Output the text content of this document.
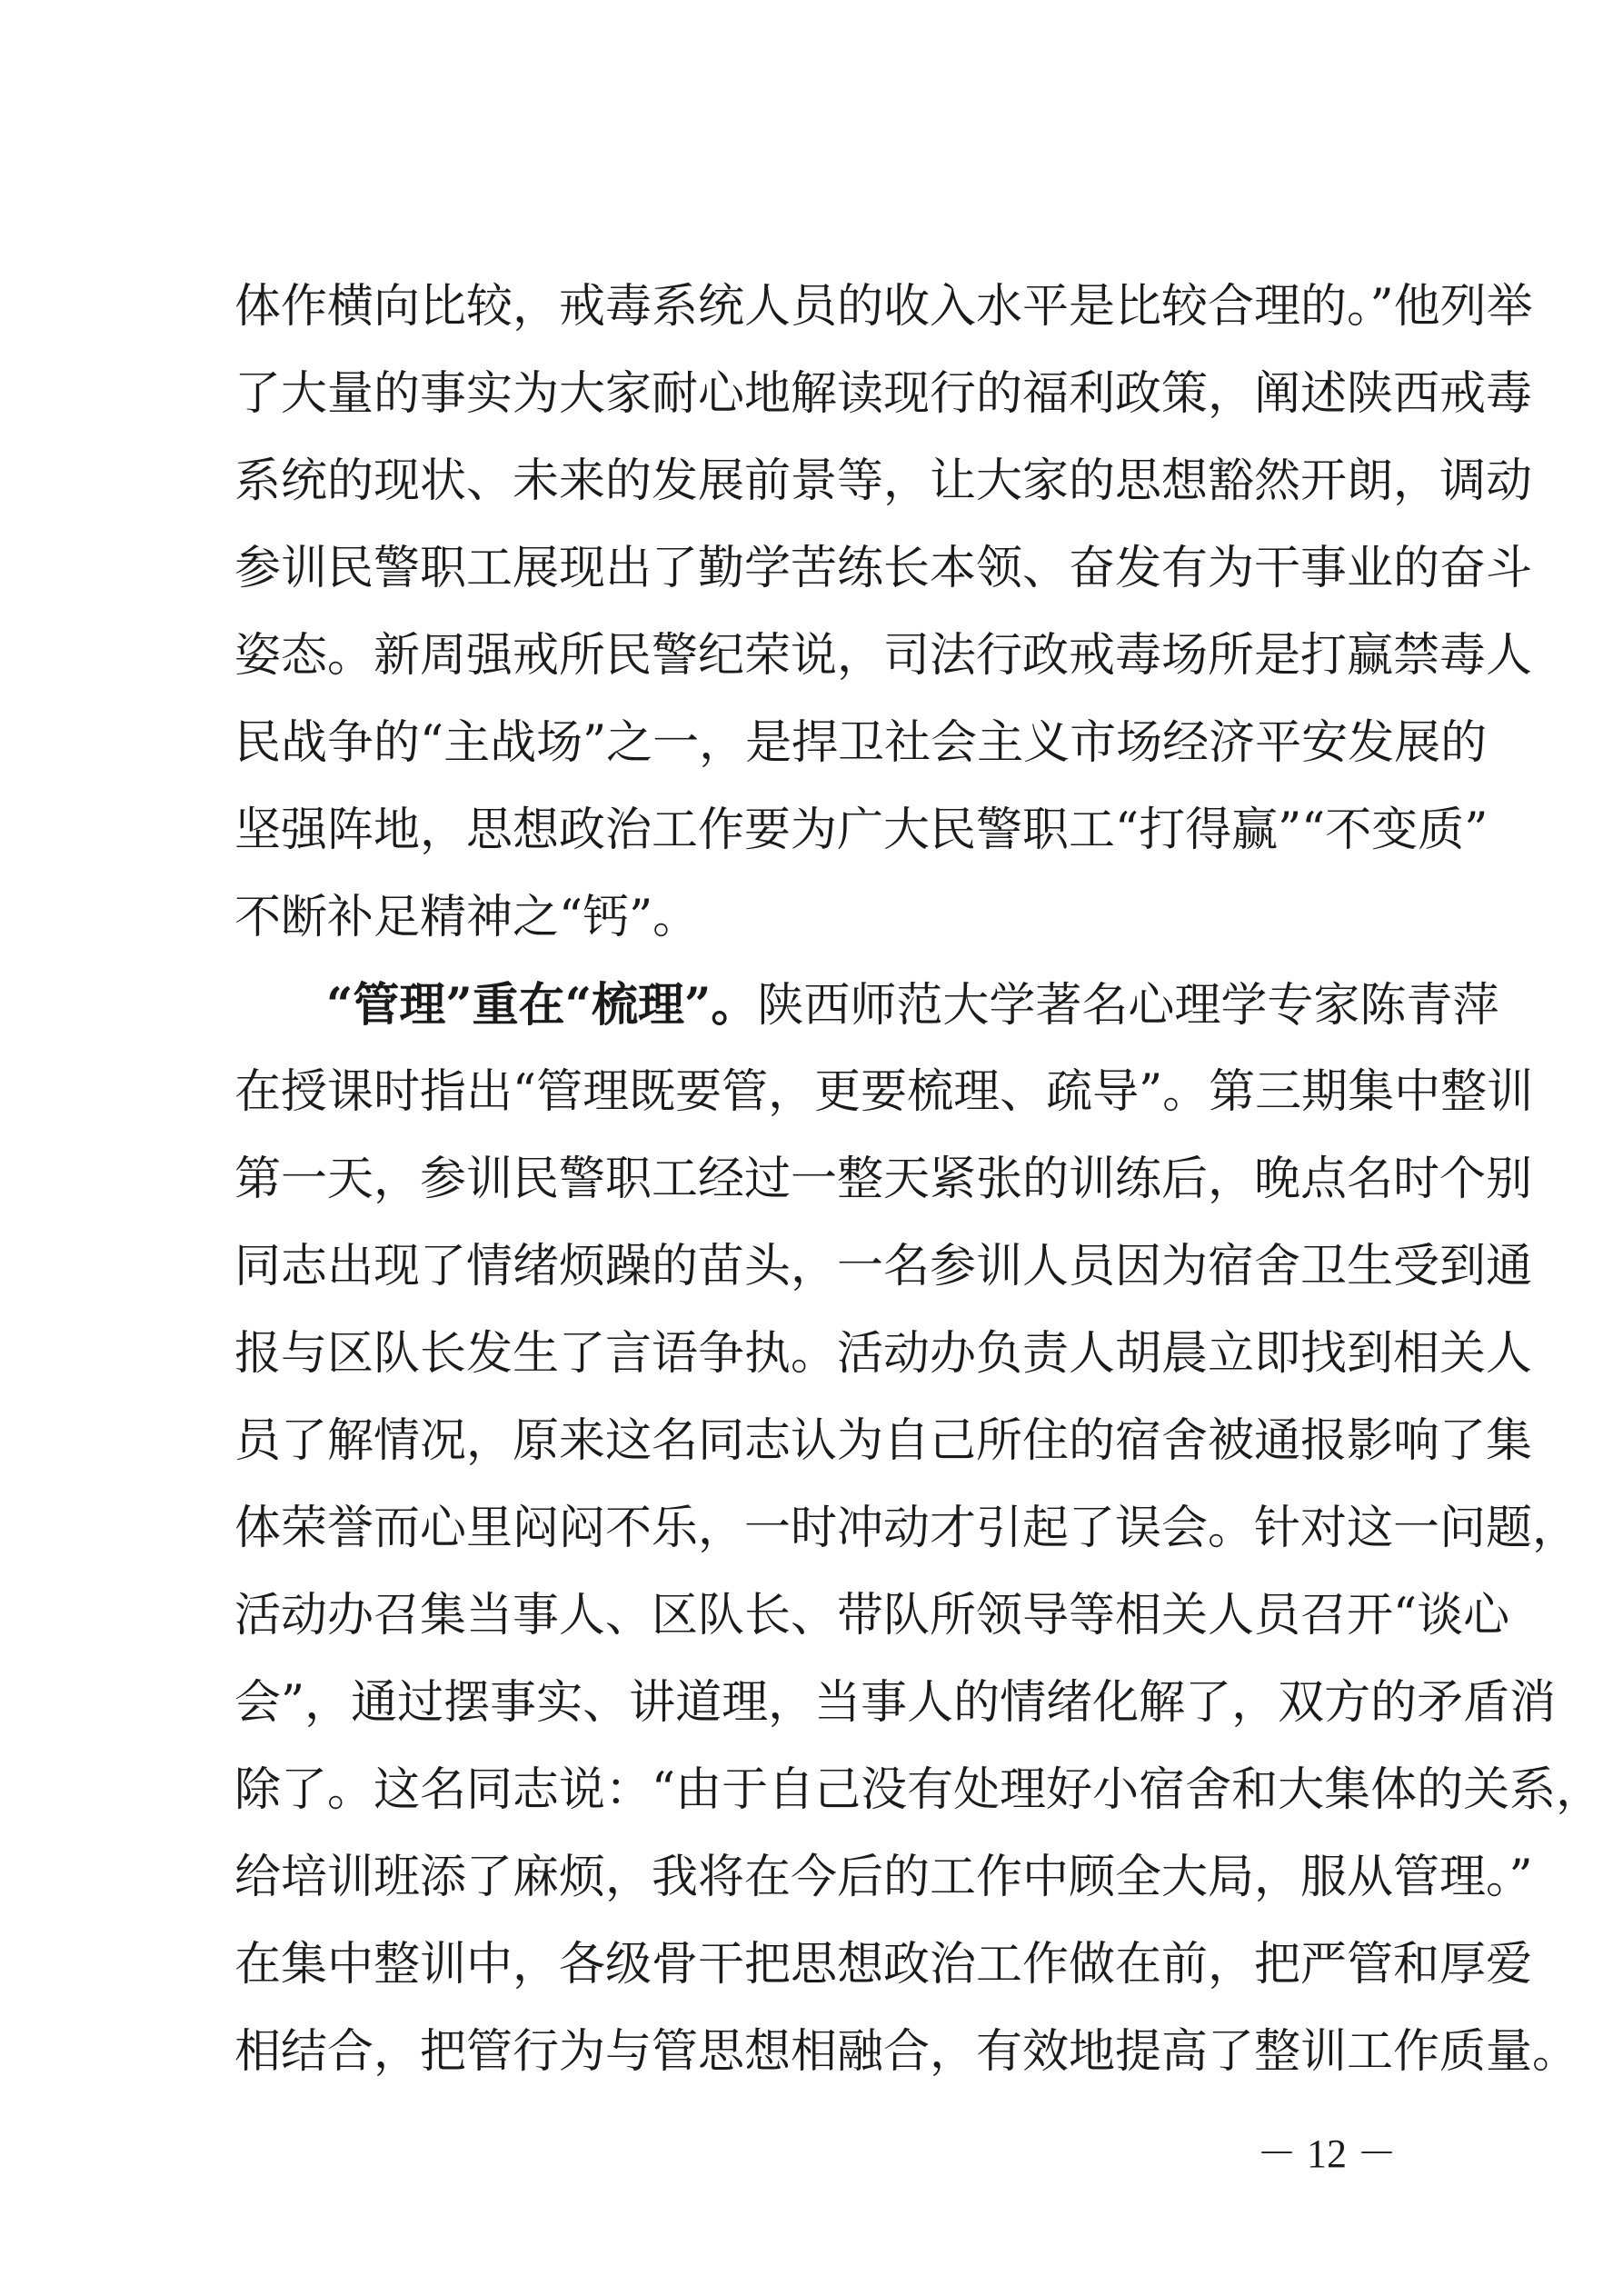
体作横向比较，戒毒系统人员的收入水平是比较合理的。”他列举
了大量的事实为大家耐心地解读现行的福利政策，阐述陕西戒毒
系统的现状、未来的发展前景等，让大家的思想豁然开朗，调动
参训民警职工展现出了勤学苦练长本领、奋发有为干事业的奋斗
姿态。新周强戒所民警纪荣说，司法行政戒毒场所是打赢禁毒人
民战争的“主战场”之一，是捍卫社会主义市场经济平安发展的
坚强阵地，思想政治工作要为广大民警职工“打得赢”“不变质”
不断补足精神之“钙”。
“管理”重在“梳理”。陕西师范大学著名心理学专家陈青萍
在授课时指出“管理既要管，更要梳理、疏导”。第三期集中整训
第一天，参训民警职工经过一整天紧张的训练后，晚点名时个别
同志出现了情绪烦躁的苗头，一名参训人员因为宿舍卫生受到通
报与区队长发生了言语争执。活动办负责人胡晨立即找到相关人
员了解情况，原来这名同志认为自己所住的宿舍被通报影响了集
体荣誉而心里闷闷不乐，一时冲动才引起了误会。针对这一问题，
活动办召集当事人、区队长、带队所领导等相关人员召开“谈心
会”，通过摆事实、讲道理，当事人的情绪化解了，双方的矛盾消
除了。这名同志说：“由于自己没有处理好小宿舍和大集体的关系，
给培训班添了麻烦，我将在今后的工作中顾全大局，服从管理。”
在集中整训中，各级骨干把思想政治工作做在前，把严管和厚爱
相结合，把管行为与管思想相融合，有效地提高了整训工作质量。
－ 12 －
